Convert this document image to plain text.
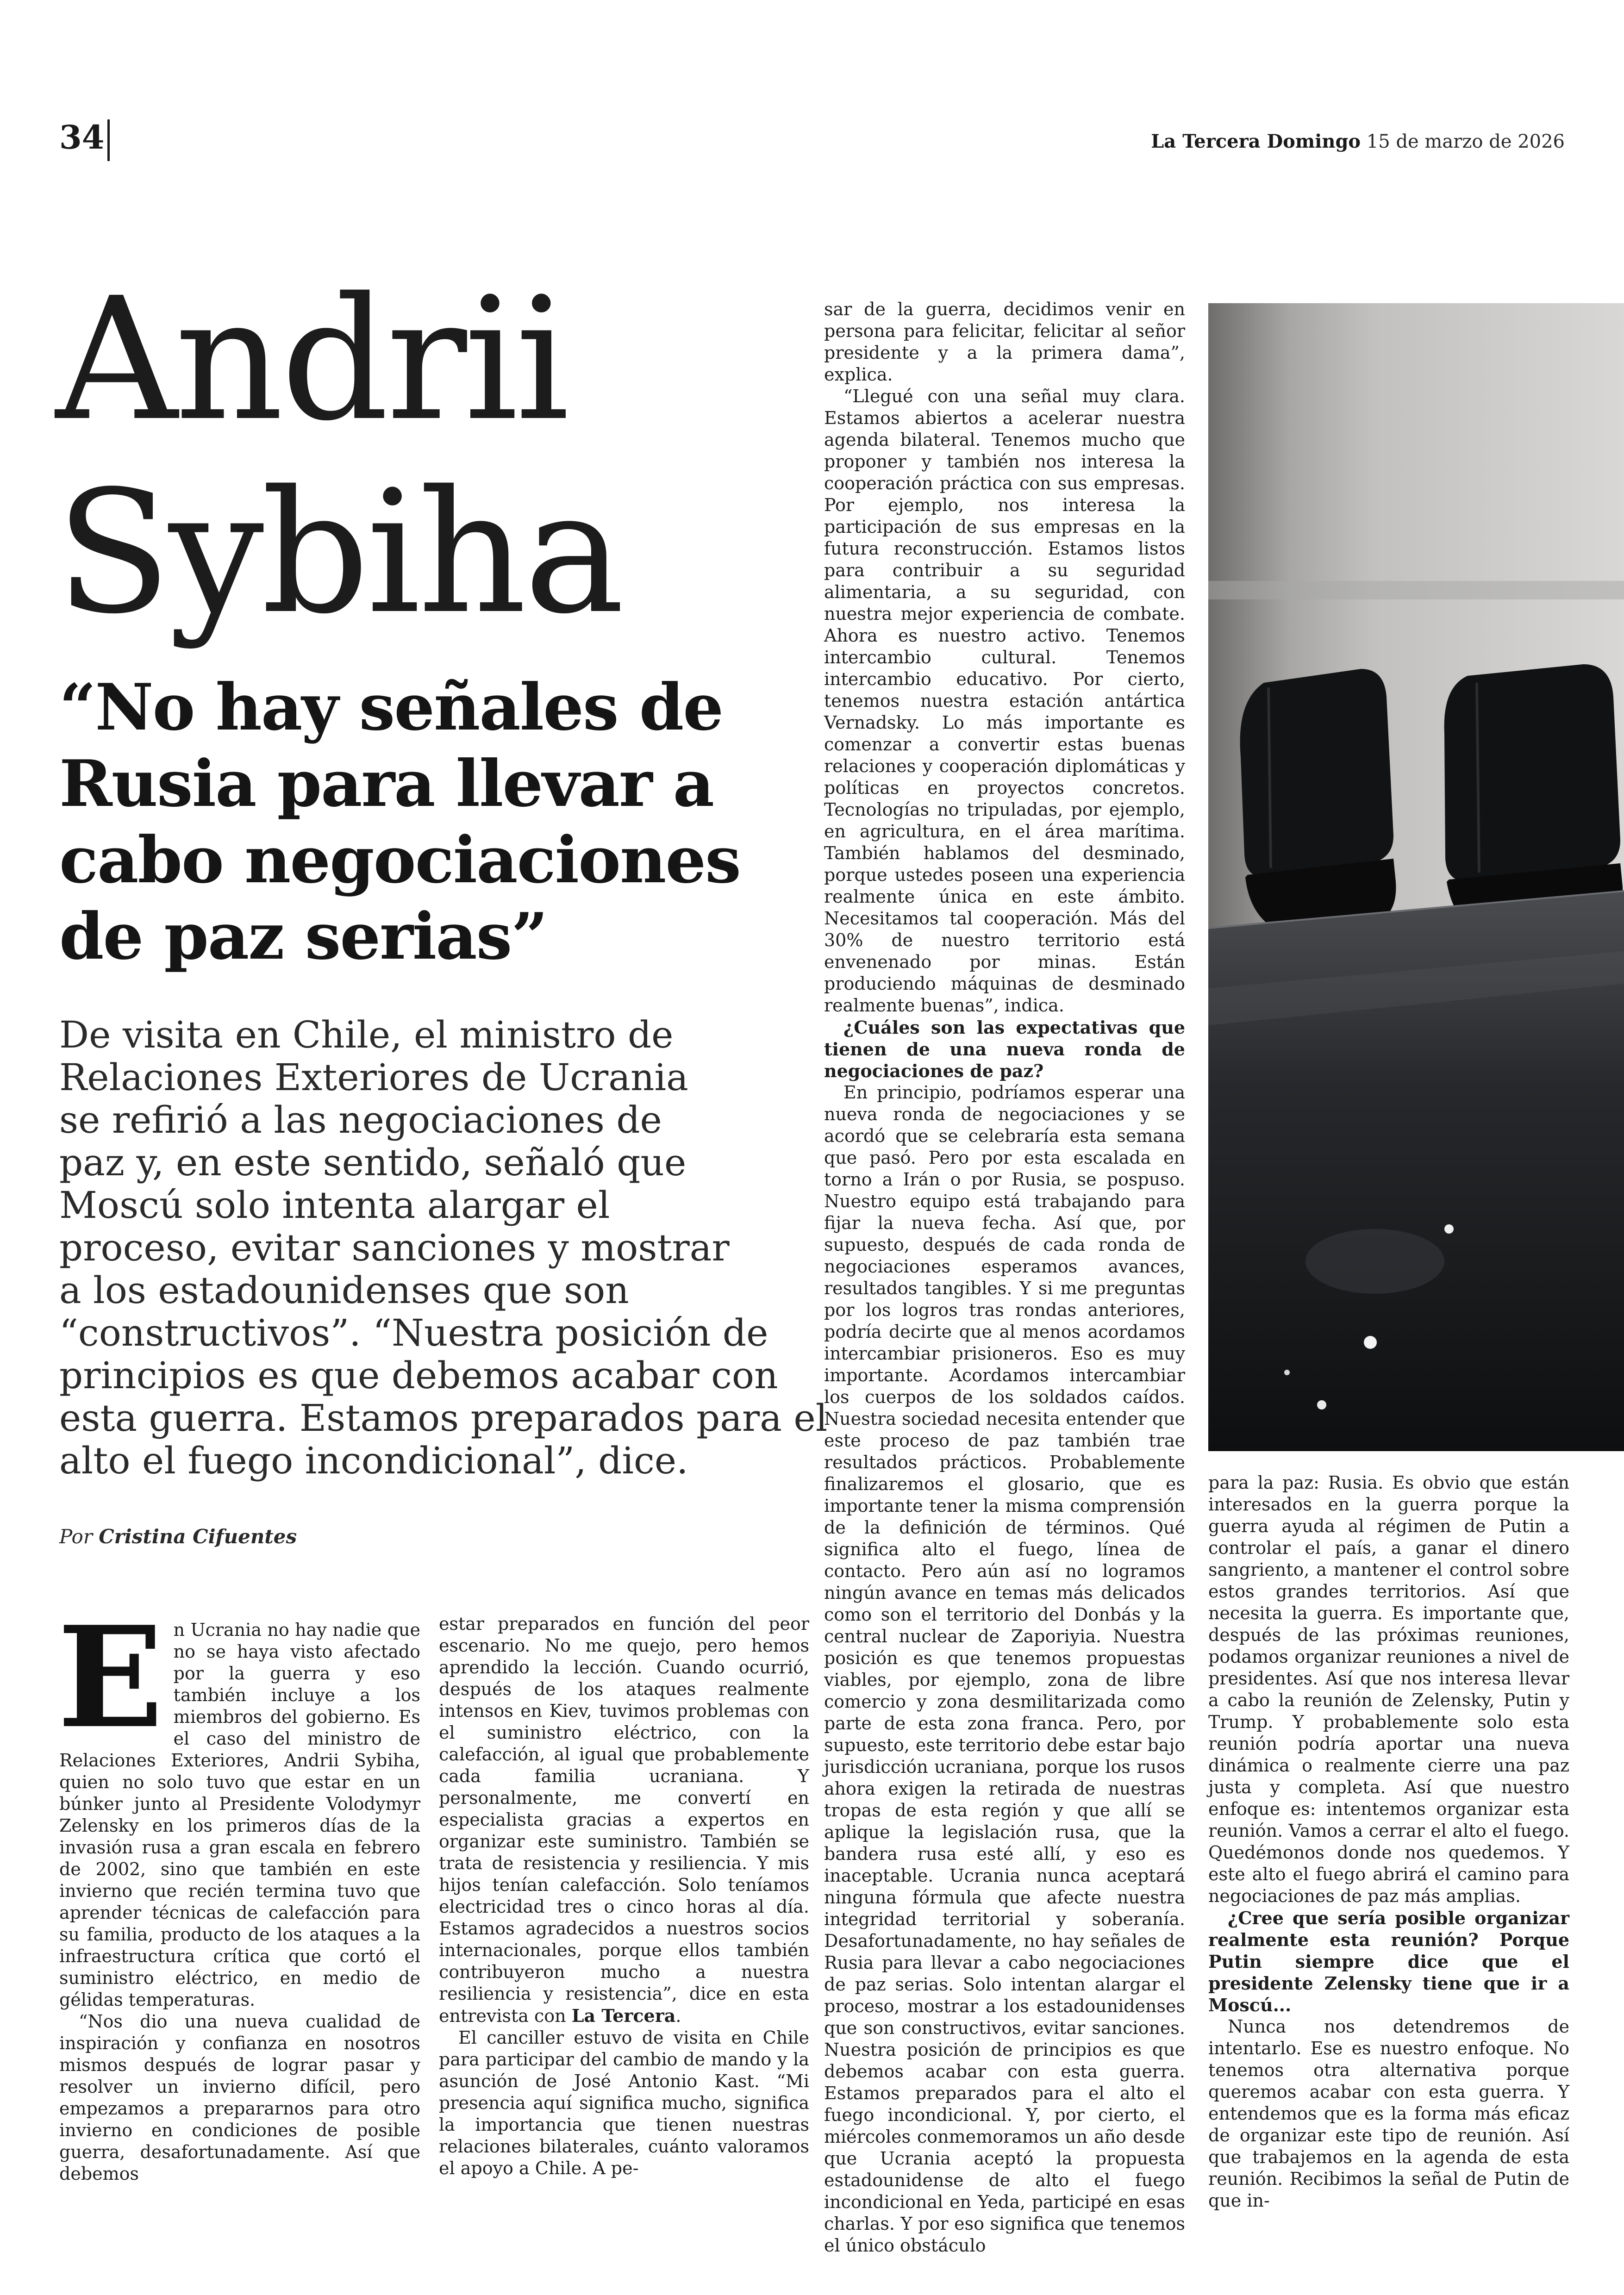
34	La Tercera Domingo 15 de marzo de 2026
Andrii
Sybiha
“No hay señales de
Rusia para llevar a
cabo negociaciones
de paz serias”
De visita en Chile, el ministro de
Relaciones Exteriores de Ucrania
se refirió a las negociaciones de
paz y, en este sentido, señaló que
Moscú solo intenta alargar el
proceso, evitar sanciones y mostrar
a los estadounidenses que son
“constructivos”. “Nuestra posición de
principios es que debemos acabar con
esta guerra. Estamos preparados para el
alto el fuego incondicional”, dice.
Por Cristina Cifuentes
E n Ucrania no hay nadie que no se haya visto afectado por la guerra y eso también incluye a los miembros del gobierno. Es el caso del ministro de Relaciones Exteriores, Andrii Sybiha, quien no solo tuvo que estar en un búnker junto al Presidente Volodymyr Zelensky en los primeros días de la invasión rusa a gran escala en febrero de 2002, sino que también en este invierno que recién termina tuvo que aprender técnicas de calefacción para su familia, producto de los ataques a la infraestructura crítica que cortó el suministro eléctrico, en medio de gélidas temperaturas.

“Nos dio una nueva cualidad de inspiración y confianza en nosotros mismos después de lograr pasar y resolver un invierno difícil, pero empezamos a prepararnos para otro invierno en condiciones de posible guerra, desafortunadamente. Así que debemos

estar preparados en función del peor escenario. No me quejo, pero hemos aprendido la lección. Cuando ocurrió, después de los ataques realmente intensos en Kiev, tuvimos problemas con el suministro eléctrico, con la calefacción, al igual que probablemente cada familia ucraniana. Y personalmente, me convertí en especialista gracias a expertos en organizar este suministro. También se trata de resistencia y resiliencia. Y mis hijos tenían calefacción. Solo teníamos electricidad tres o cinco horas al día. Estamos agradecidos a nuestros socios internacionales, porque ellos también contribuyeron mucho a nuestra resiliencia y resistencia”, dice en esta entrevista con La Tercera.

El canciller estuvo de visita en Chile para participar del cambio de mando y la asunción de José Antonio Kast. “Mi presencia aquí significa mucho, significa la importancia que tienen nuestras relaciones bilaterales, cuánto valoramos el apoyo a Chile. A pe-

sar de la guerra, decidimos venir en persona para felicitar, felicitar al señor presidente y a la primera dama”, explica.

“Llegué con una señal muy clara. Estamos abiertos a acelerar nuestra agenda bilateral. Tenemos mucho que proponer y también nos interesa la cooperación práctica con sus empresas. Por ejemplo, nos interesa la participación de sus empresas en la futura reconstrucción. Estamos listos para contribuir a su seguridad alimentaria, a su seguridad, con nuestra mejor experiencia de combate. Ahora es nuestro activo. Tenemos intercambio cultural. Tenemos intercambio educativo. Por cierto, tenemos nuestra estación antártica Vernadsky. Lo más importante es comenzar a convertir estas buenas relaciones y cooperación diplomáticas y políticas en proyectos concretos. Tecnologías no tripuladas, por ejemplo, en agricultura, en el área marítima. También hablamos del desminado, porque ustedes poseen una experiencia realmente única en este ámbito. Necesitamos tal cooperación. Más del 30% de nuestro territorio está envenenado por minas. Están produciendo máquinas de desminado realmente buenas”, indica.

¿Cuáles son las expectativas que tienen de una nueva ronda de negociaciones de paz?

En principio, podríamos esperar una nueva ronda de negociaciones y se acordó que se celebraría esta semana que pasó. Pero por esta escalada en torno a Irán o por Rusia, se pospuso. Nuestro equipo está trabajando para fijar la nueva fecha. Así que, por supuesto, después de cada ronda de negociaciones esperamos avances, resultados tangibles. Y si me preguntas por los logros tras rondas anteriores, podría decirte que al menos acordamos intercambiar prisioneros. Eso es muy importante. Acordamos intercambiar los cuerpos de los soldados caídos. Nuestra sociedad necesita entender que este proceso de paz también trae resultados prácticos. Probablemente finalizaremos el glosario, que es importante tener la misma comprensión de la definición de términos. Qué significa alto el fuego, línea de contacto. Pero aún así no logramos ningún avance en temas más delicados como son el territorio del Donbás y la central nuclear de Zaporiyia. Nuestra posición es que tenemos propuestas viables, por ejemplo, zona de libre comercio y zona desmilitarizada como parte de esta zona franca. Pero, por supuesto, este territorio debe estar bajo jurisdicción ucraniana, porque los rusos ahora exigen la retirada de nuestras tropas de esta región y que allí se aplique la legislación rusa, que la bandera rusa esté allí, y eso es inaceptable. Ucrania nunca aceptará ninguna fórmula que afecte nuestra integridad territorial y soberanía. Desafortunadamente, no hay señales de Rusia para llevar a cabo negociaciones de paz serias. Solo intentan alargar el proceso, mostrar a los estadounidenses que son constructivos, evitar sanciones. Nuestra posición de principios es que debemos acabar con esta guerra. Estamos preparados para el alto el fuego incondicional. Y, por cierto, el miércoles conmemoramos un año desde que Ucrania aceptó la propuesta estadounidense de alto el fuego incondicional en Yeda, participé en esas charlas. Y por eso significa que tenemos el único obstáculo

para la paz: Rusia. Es obvio que están interesados en la guerra porque la guerra ayuda al régimen de Putin a controlar el país, a ganar el dinero sangriento, a mantener el control sobre estos grandes territorios. Así que necesita la guerra. Es importante que, después de las próximas reuniones, podamos organizar reuniones a nivel de presidentes. Así que nos interesa llevar a cabo la reunión de Zelensky, Putin y Trump. Y probablemente solo esta reunión podría aportar una nueva dinámica o realmente cierre una paz justa y completa. Así que nuestro enfoque es: intentemos organizar esta reunión. Vamos a cerrar el alto el fuego. Quedémonos donde nos quedemos. Y este alto el fuego abrirá el camino para negociaciones de paz más amplias.

¿Cree que sería posible organizar realmente esta reunión? Porque Putin siempre dice que el presidente Zelensky tiene que ir a Moscú...

Nunca nos detendremos de intentarlo. Ese es nuestro enfoque. No tenemos otra alternativa porque queremos acabar con esta guerra. Y entendemos que es la forma más eficaz de organizar este tipo de reunión. Así que trabajemos en la agenda de esta reunión. Recibimos la señal de Putin de que in-
